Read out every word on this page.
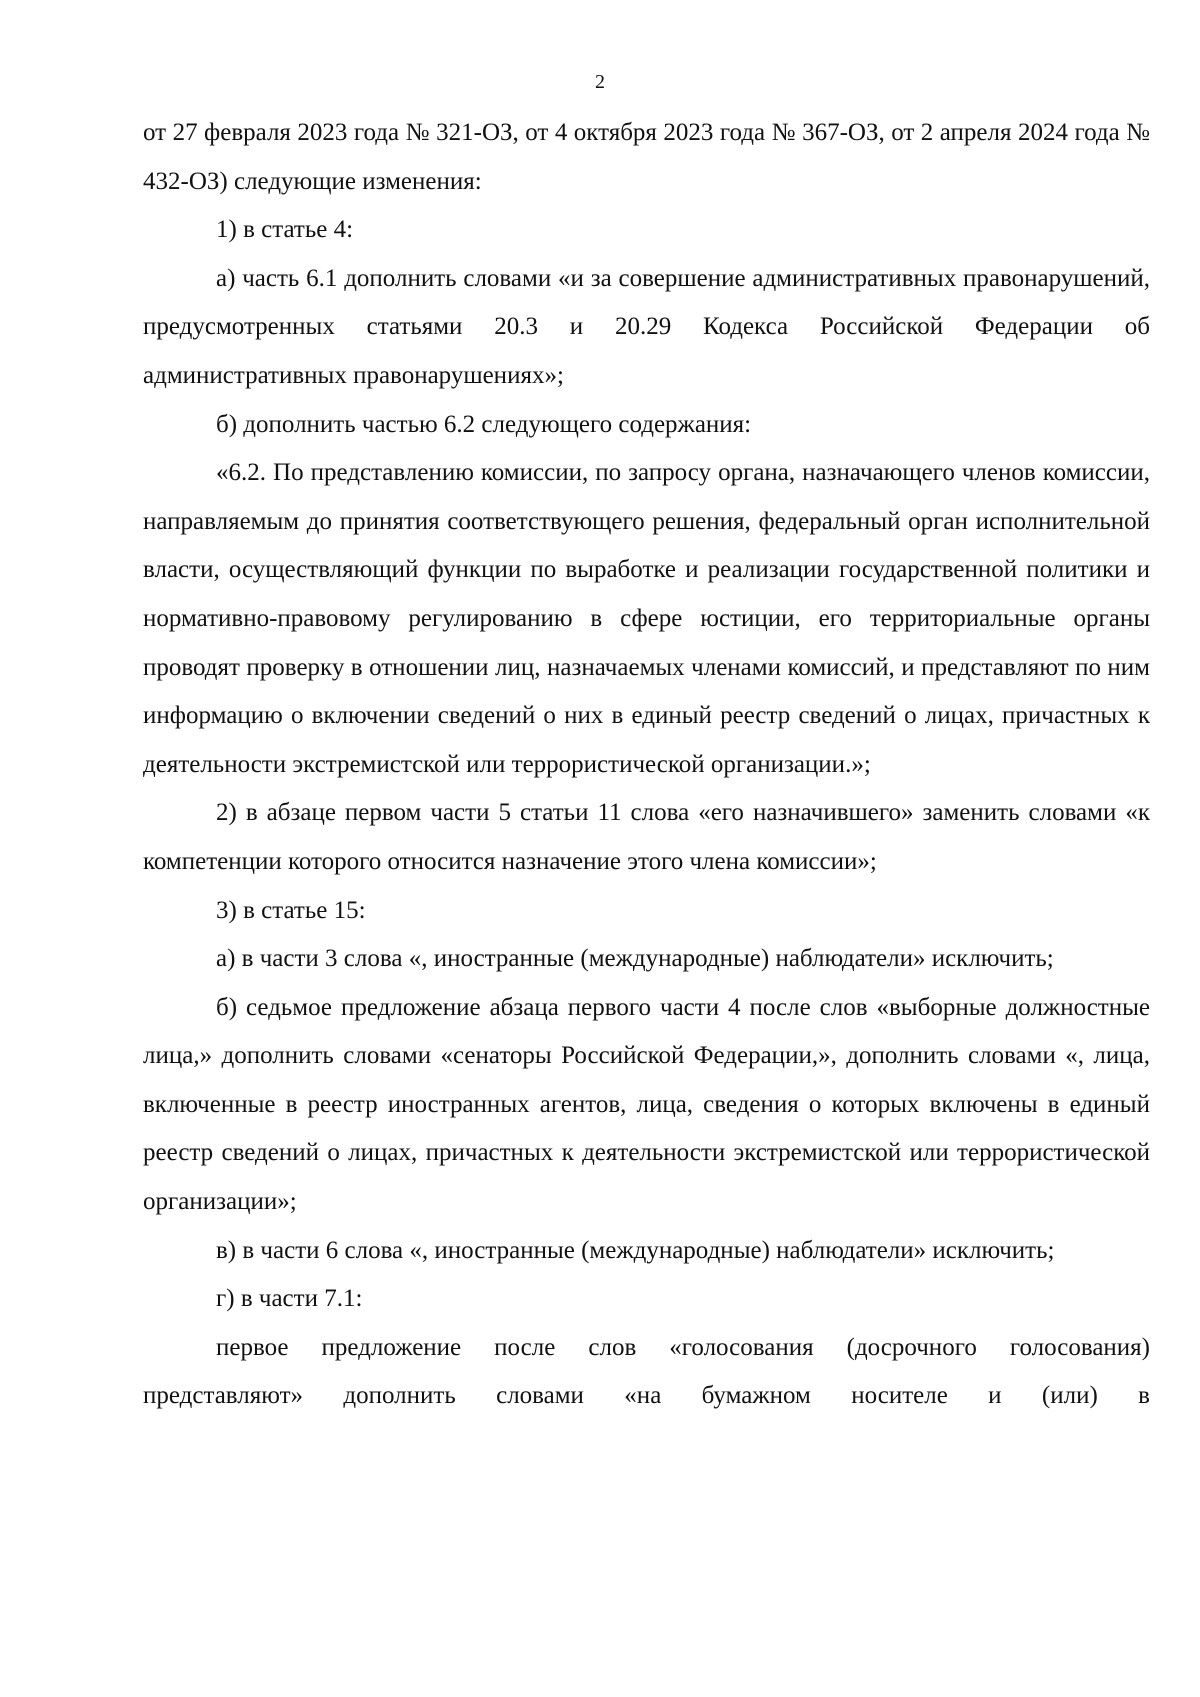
2

от 27 февраля 2023 года № 321-ОЗ, от 4 октября 2023 года № 367-ОЗ, от 2 апреля 2024 года № 432-ОЗ) следующие изменения:

1) в статье 4:

а) часть 6.1 дополнить словами «и за совершение административных правонарушений, предусмотренных статьями 20.3 и 20.29 Кодекса Российской Федерации об административных правонарушениях»;

б) дополнить частью 6.2 следующего содержания:

«6.2. По представлению комиссии, по запросу органа, назначающего членов комиссии, направляемым до принятия соответствующего решения, федеральный орган исполнительной власти, осуществляющий функции по выработке и реализации государственной политики и нормативно-правовому регулированию в сфере юстиции, его территориальные органы проводят проверку в отношении лиц, назначаемых членами комиссий, и представляют по ним информацию о включении сведений о них в единый реестр сведений о лицах, причастных к деятельности экстремистской или террористической организации.»;

2) в абзаце первом части 5 статьи 11 слова «его назначившего» заменить словами «к компетенции которого относится назначение этого члена комиссии»;

3) в статье 15:

а) в части 3 слова «, иностранные (международные) наблюдатели» исключить;

б) седьмое предложение абзаца первого части 4 после слов «выборные должностные лица,» дополнить словами «сенаторы Российской Федерации,», дополнить словами «, лица, включенные в реестр иностранных агентов, лица, сведения о которых включены в единый реестр сведений о лицах, причастных к деятельности экстремистской или террористической организации»;

в) в части 6 слова «, иностранные (международные) наблюдатели» исключить;

г) в части 7.1:

первое предложение после слов «голосования (досрочного голосования) представляют» дополнить словами «на бумажном носителе и (или) в
